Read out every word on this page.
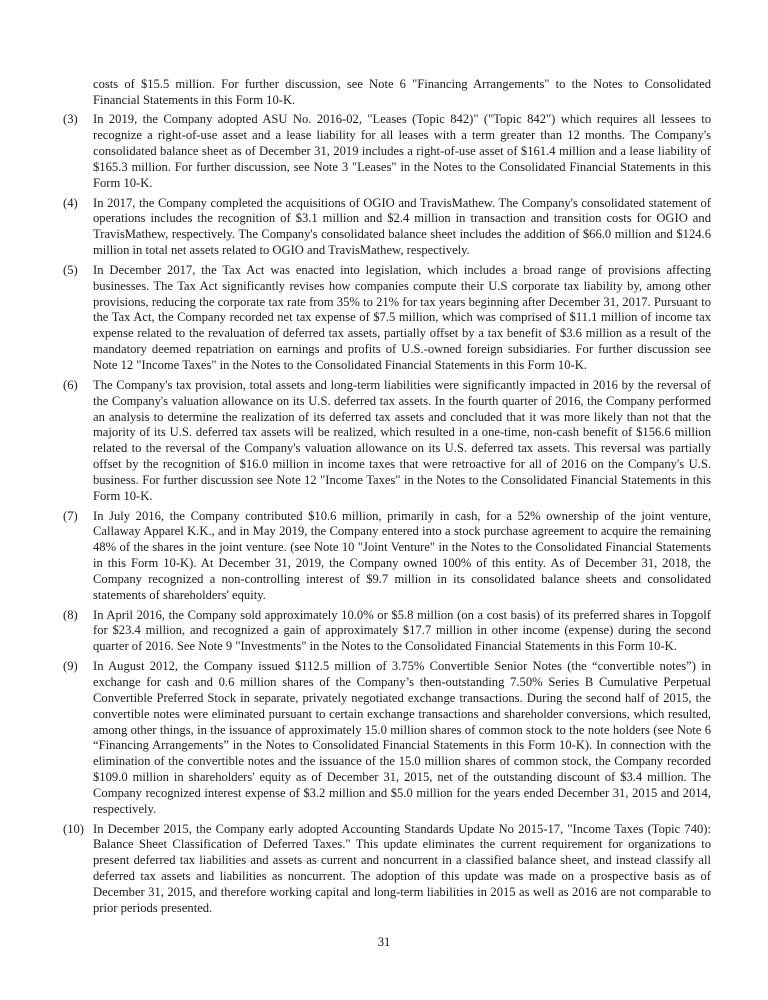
costs of $15.5 million. For further discussion, see Note 6 "Financing Arrangements" to the Notes to Consolidated Financial Statements in this Form 10-K.
(3)	In 2019, the Company adopted ASU No. 2016-02, "Leases (Topic 842)" ("Topic 842") which requires all lessees to recognize a right-of-use asset and a lease liability for all leases with a term greater than 12 months. The Company's consolidated balance sheet as of December 31, 2019 includes a right-of-use asset of $161.4 million and a lease liability of $165.3 million. For further discussion, see Note 3 "Leases" in the Notes to the Consolidated Financial Statements in this Form 10-K.
(4)	In 2017, the Company completed the acquisitions of OGIO and TravisMathew. The Company's consolidated statement of operations includes the recognition of $3.1 million and $2.4 million in transaction and transition costs for OGIO and TravisMathew, respectively. The Company's consolidated balance sheet includes the addition of $66.0 million and $124.6 million in total net assets related to OGIO and TravisMathew, respectively.
(5)	In December 2017, the Tax Act was enacted into legislation, which includes a broad range of provisions affecting businesses. The Tax Act significantly revises how companies compute their U.S corporate tax liability by, among other provisions, reducing the corporate tax rate from 35% to 21% for tax years beginning after December 31, 2017. Pursuant to the Tax Act, the Company recorded net tax expense of $7.5 million, which was comprised of $11.1 million of income tax expense related to the revaluation of deferred tax assets, partially offset by a tax benefit of $3.6 million as a result of the mandatory deemed repatriation on earnings and profits of U.S.-owned foreign subsidiaries. For further discussion see Note 12 "Income Taxes" in the Notes to the Consolidated Financial Statements in this Form 10-K.
(6)	The Company's tax provision, total assets and long-term liabilities were significantly impacted in 2016 by the reversal of the Company's valuation allowance on its U.S. deferred tax assets. In the fourth quarter of 2016, the Company performed an analysis to determine the realization of its deferred tax assets and concluded that it was more likely than not that the majority of its U.S. deferred tax assets will be realized, which resulted in a one-time, non-cash benefit of $156.6 million related to the reversal of the Company's valuation allowance on its U.S. deferred tax assets. This reversal was partially offset by the recognition of $16.0 million in income taxes that were retroactive for all of 2016 on the Company's U.S. business. For further discussion see Note 12 "Income Taxes" in the Notes to the Consolidated Financial Statements in this Form 10-K.
(7)	In July 2016, the Company contributed $10.6 million, primarily in cash, for a 52% ownership of the joint venture, Callaway Apparel K.K., and in May 2019, the Company entered into a stock purchase agreement to acquire the remaining 48% of the shares in the joint venture. (see Note 10 "Joint Venture" in the Notes to the Consolidated Financial Statements in this Form 10-K). At December 31, 2019, the Company owned 100% of this entity. As of December 31, 2018, the Company recognized a non-controlling interest of $9.7 million in its consolidated balance sheets and consolidated statements of shareholders' equity.
(8)	In April 2016, the Company sold approximately 10.0% or $5.8 million (on a cost basis) of its preferred shares in Topgolf for $23.4 million, and recognized a gain of approximately $17.7 million in other income (expense) during the second quarter of 2016. See Note 9 "Investments" in the Notes to the Consolidated Financial Statements in this Form 10-K.
(9)	In August 2012, the Company issued $112.5 million of 3.75% Convertible Senior Notes (the “convertible notes”) in exchange for cash and 0.6 million shares of the Company’s then-outstanding 7.50% Series B Cumulative Perpetual Convertible Preferred Stock in separate, privately negotiated exchange transactions. During the second half of 2015, the convertible notes were eliminated pursuant to certain exchange transactions and shareholder conversions, which resulted, among other things, in the issuance of approximately 15.0 million shares of common stock to the note holders (see Note 6 “Financing Arrangements” in the Notes to Consolidated Financial Statements in this Form 10-K). In connection with the elimination of the convertible notes and the issuance of the 15.0 million shares of common stock, the Company recorded $109.0 million in shareholders' equity as of December 31, 2015, net of the outstanding discount of $3.4 million. The Company recognized interest expense of $3.2 million and $5.0 million for the years ended December 31, 2015 and 2014, respectively.
(10) In December 2015, the Company early adopted Accounting Standards Update No 2015-17, "Income Taxes (Topic 740): Balance Sheet Classification of Deferred Taxes." This update eliminates the current requirement for organizations to present deferred tax liabilities and assets as current and noncurrent in a classified balance sheet, and instead classify all deferred tax assets and liabilities as noncurrent. The adoption of this update was made on a prospective basis as of December 31, 2015, and therefore working capital and long-term liabilities in 2015 as well as 2016 are not comparable to prior periods presented.
31
